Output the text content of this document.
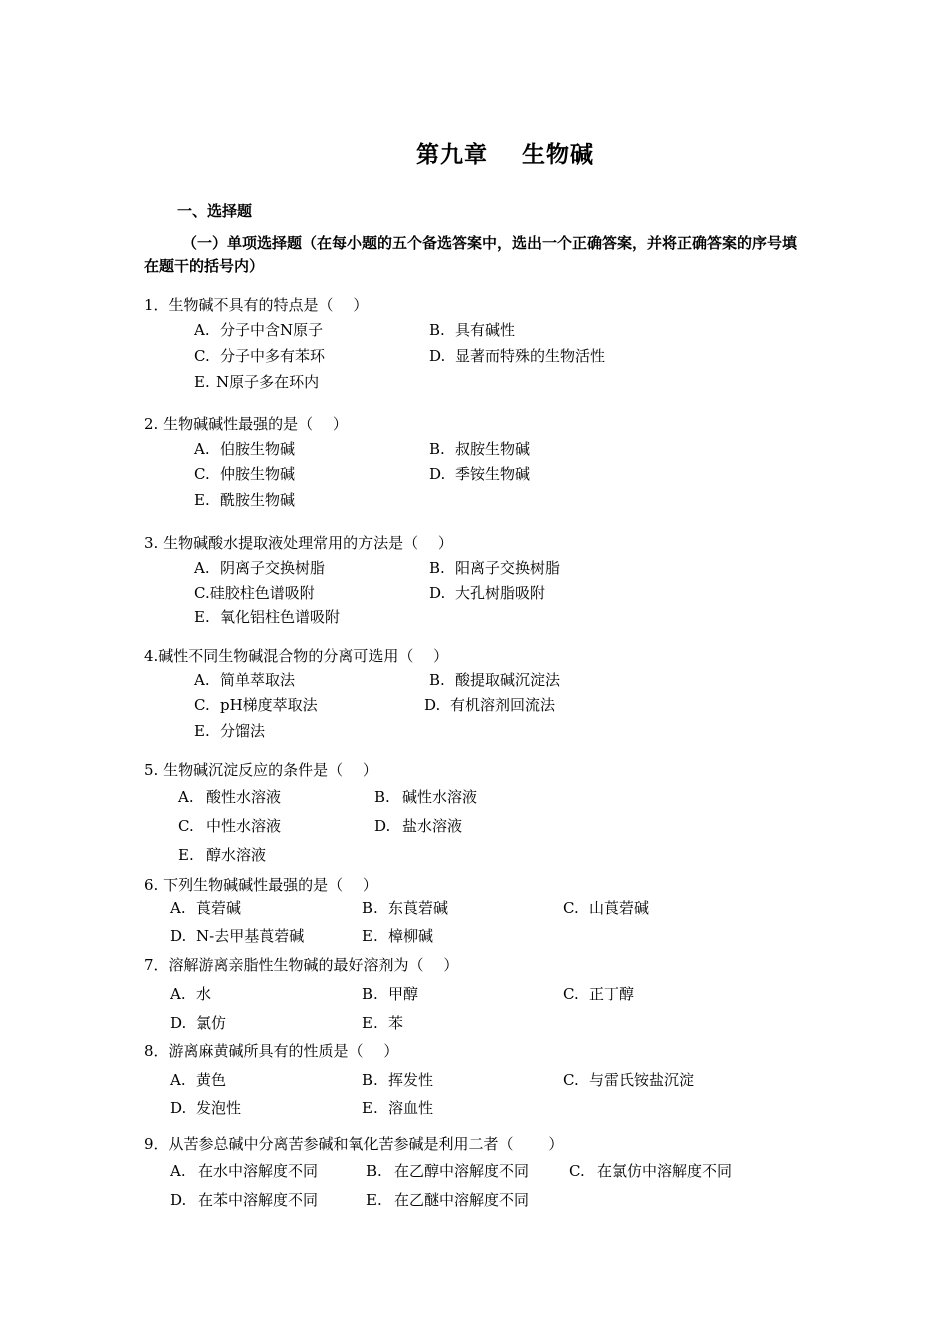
第九章 生物碱
一、选择题
（一）单项选择题（在每小题的五个备选答案中，选出一个正确答案，并将正确答案的序号填在题干的括号内）
1．生物碱不具有的特点是（　 ）
A. 分子中含N原子	B. 具有碱性
C. 分子中多有苯环	D. 显著而特殊的生物活性
E. N原子多在环内
2. 生物碱碱性最强的是（　 ）
A. 伯胺生物碱	B. 叔胺生物碱
C. 仲胺生物碱	D. 季铵生物碱
E. 酰胺生物碱
3. 生物碱酸水提取液处理常用的方法是（　 ）
A. 阴离子交换树脂	B. 阳离子交换树脂
C.硅胶柱色谱吸附	D. 大孔树脂吸附
E. 氧化铝柱色谱吸附
4.碱性不同生物碱混合物的分离可选用（　 ）
A. 简单萃取法	B. 酸提取碱沉淀法
C. pH梯度萃取法	D. 有机溶剂回流法
E. 分馏法
5. 生物碱沉淀反应的条件是（　 ）
A. 酸性水溶液	B. 碱性水溶液
C. 中性水溶液	D. 盐水溶液
E. 醇水溶液
6. 下列生物碱碱性最强的是（　 ）
A. 莨菪碱	B. 东莨菪碱	C. 山莨菪碱
D. N-去甲基莨菪碱	E. 樟柳碱
7．溶解游离亲脂性生物碱的最好溶剂为（　 ）
A. 水	B. 甲醇	C. 正丁醇
D. 氯仿	E. 苯
8．游离麻黄碱所具有的性质是（　 ）
A. 黄色	B. 挥发性	C. 与雷氏铵盐沉淀
D. 发泡性	E. 溶血性
9．从苦参总碱中分离苦参碱和氧化苦参碱是利用二者（　　 ）
A. 在水中溶解度不同	B. 在乙醇中溶解度不同	C. 在氯仿中溶解度不同
D. 在苯中溶解度不同	E. 在乙醚中溶解度不同
